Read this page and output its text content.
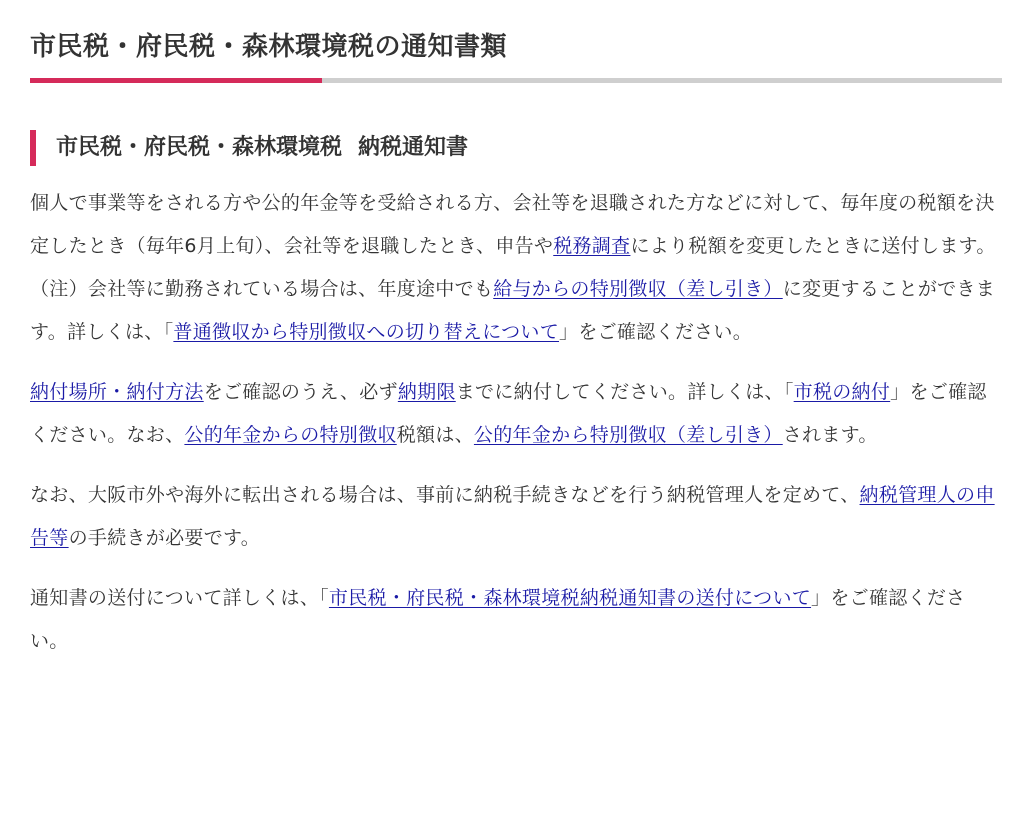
市民税・府民税・森林環境税の通知書類
市民税・府民税・森林環境税 納税通知書

個人で事業等をされる方や公的年金等を受給される方、会社等を退職された方などに対して、毎年度の税額を決定したとき（毎年6月上旬）、会社等を退職したとき、申告や税務調査により税額を変更したときに送付します。
（注）会社等に勤務されている場合は、年度途中でも給与からの特別徴収（差し引き）に変更することができます。詳しくは、「普通徴収から特別徴収への切り替えについて」をご確認ください。

納付場所・納付方法をご確認のうえ、必ず納期限までに納付してください。詳しくは、「市税の納付」をご確認ください。なお、公的年金からの特別徴収税額は、公的年金から特別徴収（差し引き）されます。

なお、大阪市外や海外に転出される場合は、事前に納税手続きなどを行う納税管理人を定めて、納税管理人の申告等の手続きが必要です。

通知書の送付について詳しくは、「市民税・府民税・森林環境税納税通知書の送付について」をご確認ください。
